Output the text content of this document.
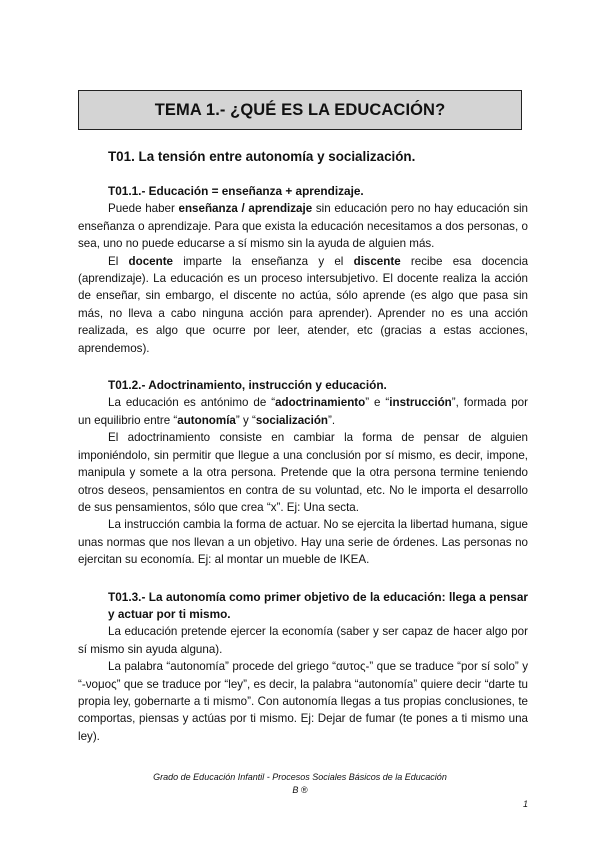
TEMA 1.- ¿QUÉ ES LA EDUCACIÓN?
T01. La tensión entre autonomía y socialización.
T01.1.- Educación = enseñanza + aprendizaje.

Puede haber enseñanza / aprendizaje sin educación pero no hay educación sin enseñanza o aprendizaje. Para que exista la educación necesitamos a dos personas, o sea, uno no puede educarse a sí mismo sin la ayuda de alguien más.

El docente imparte la enseñanza y el discente recibe esa docencia (aprendizaje). La educación es un proceso intersubjetivo. El docente realiza la acción de enseñar, sin embargo, el discente no actúa, sólo aprende (es algo que pasa sin más, no lleva a cabo ninguna acción para aprender). Aprender no es una acción realizada, es algo que ocurre por leer, atender, etc (gracias a estas acciones, aprendemos).

T01.2.- Adoctrinamiento, instrucción y educación.

La educación es antónimo de “adoctrinamiento” e “instrucción”, formada por un equilibrio entre “autonomía” y “socialización”.

El adoctrinamiento consiste en cambiar la forma de pensar de alguien imponiéndolo, sin permitir que llegue a una conclusión por sí mismo, es decir, impone, manipula y somete a la otra persona. Pretende que la otra persona termine teniendo otros deseos, pensamientos en contra de su voluntad, etc. No le importa el desarrollo de sus pensamientos, sólo que crea “x”. Ej: Una secta.

La instrucción cambia la forma de actuar. No se ejercita la libertad humana, sigue unas normas que nos llevan a un objetivo. Hay una serie de órdenes. Las personas no ejercitan su economía. Ej: al montar un mueble de IKEA.

T01.3.- La autonomía como primer objetivo de la educación: llega a pensar y actuar por ti mismo.

La educación pretende ejercer la economía (saber y ser capaz de hacer algo por sí mismo sin ayuda alguna).

La palabra “autonomía” procede del griego “αυτος-” que se traduce “por sí solo” y “-νομος” que se traduce por “ley”, es decir, la palabra “autonomía” quiere decir “darte tu propia ley, gobernarte a ti mismo”. Con autonomía llegas a tus propias conclusiones, te comportas, piensas y actúas por ti mismo. Ej: Dejar de fumar (te pones a ti mismo una ley).

Grado de Educación Infantil - Procesos Sociales Básicos de la Educación
B ®
1
